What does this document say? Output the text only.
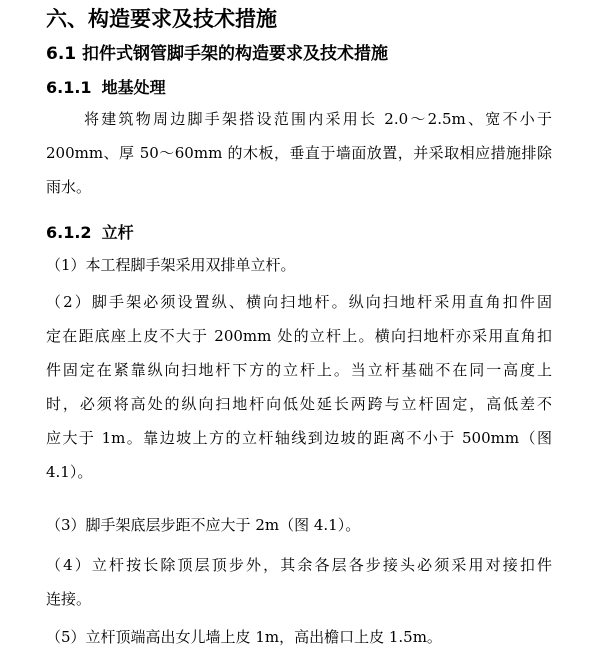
六、构造要求及技术措施
6.1 扣件式钢管脚手架的构造要求及技术措施
6.1.1 地基处理
将建筑物周边脚手架搭设范围内采用长 2.0～2.5m、宽不小于
200mm、厚 50～60mm 的木板，垂直于墙面放置，并采取相应措施排除
雨水。
6.1.2 立杆
（1）本工程脚手架采用双排单立杆。
（2）脚手架必须设置纵、横向扫地杆。纵向扫地杆采用直角扣件固
定在距底座上皮不大于 200mm 处的立杆上。横向扫地杆亦采用直角扣
件固定在紧靠纵向扫地杆下方的立杆上。当立杆基础不在同一高度上
时，必须将高处的纵向扫地杆向低处延长两跨与立杆固定，高低差不
应大于 1m。靠边坡上方的立杆轴线到边坡的距离不小于 500mm（图
4.1）。
（3）脚手架底层步距不应大于 2m（图 4.1）。
（4）立杆按长除顶层顶步外，其余各层各步接头必须采用对接扣件
连接。
（5）立杆顶端高出女儿墙上皮 1m，高出檐口上皮 1.5m。
